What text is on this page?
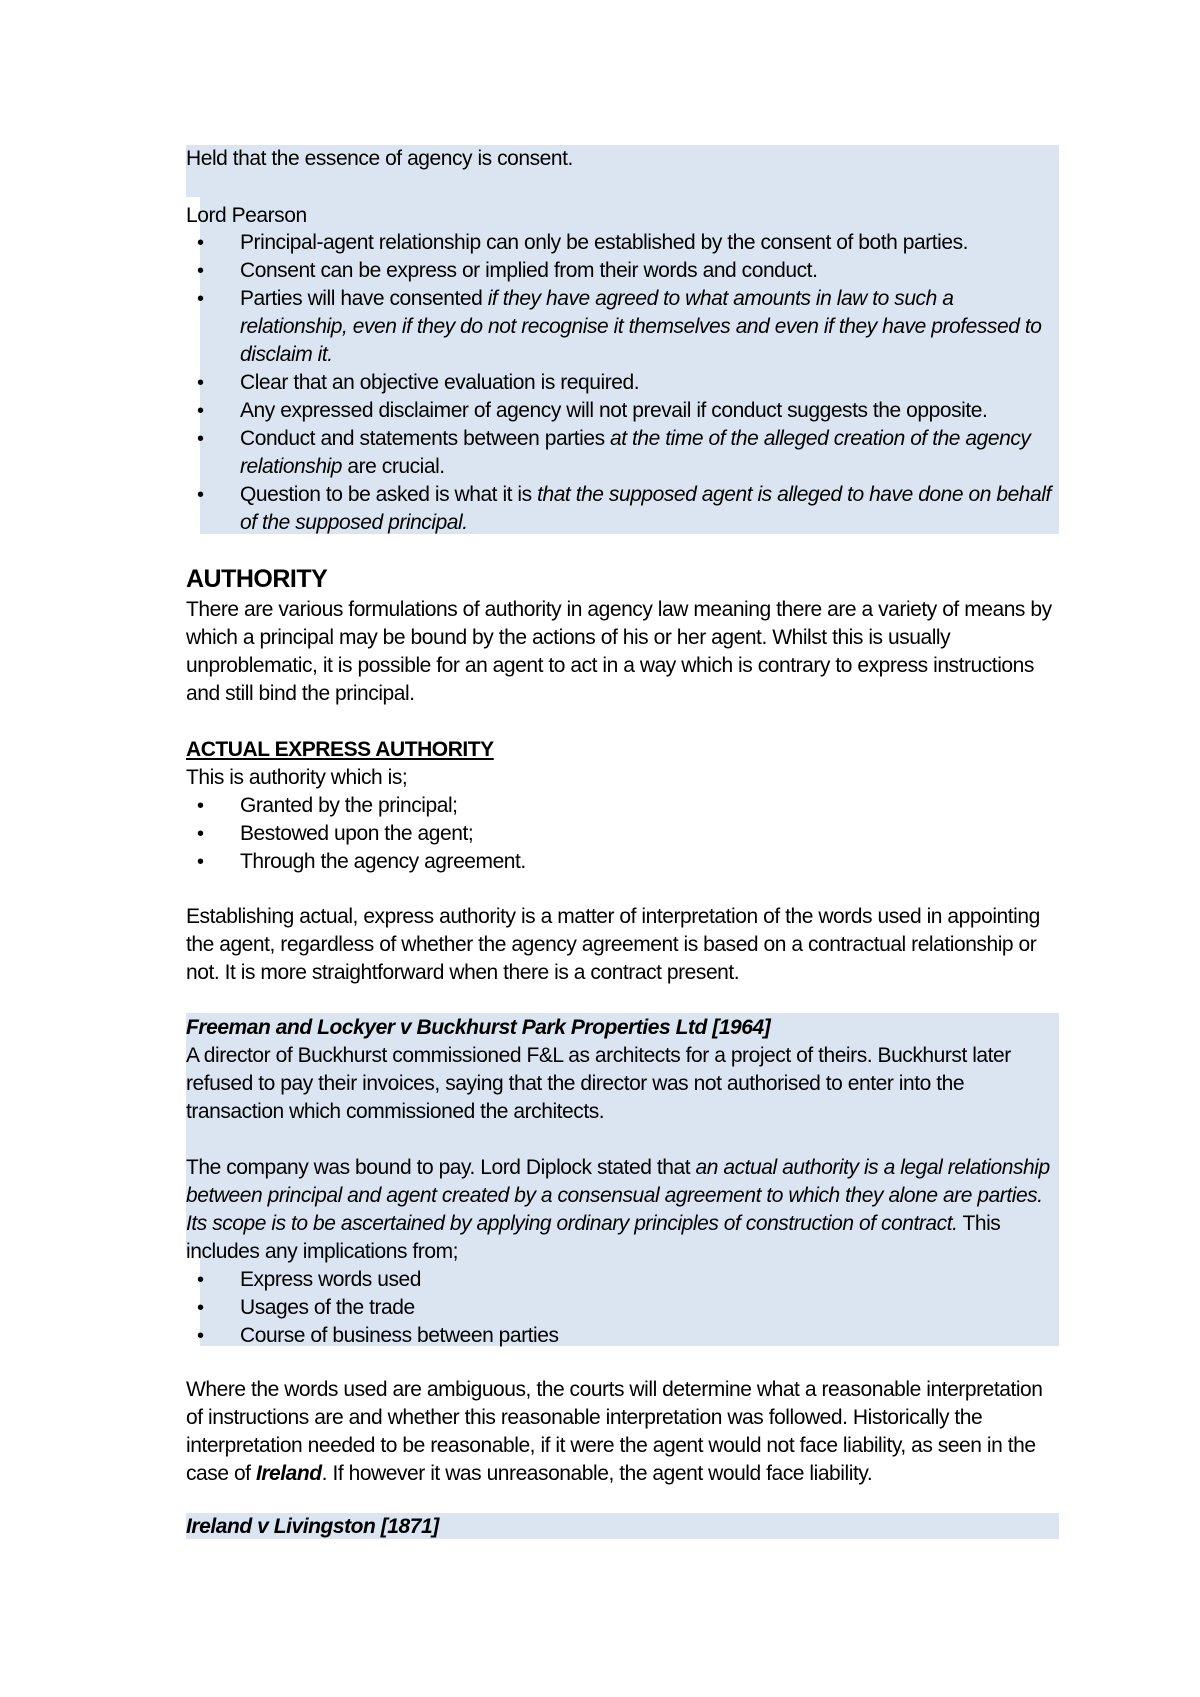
Held that the essence of agency is consent.
Lord Pearson
• Principal-agent relationship can only be established by the consent of both parties.
• Consent can be express or implied from their words and conduct.
• Parties will have consented if they have agreed to what amounts in law to such a
relationship, even if they do not recognise it themselves and even if they have professed to
disclaim it.
• Clear that an objective evaluation is required.
• Any expressed disclaimer of agency will not prevail if conduct suggests the opposite.
• Conduct and statements between parties at the time of the alleged creation of the agency
relationship are crucial.
• Question to be asked is what it is that the supposed agent is alleged to have done on behalf
of the supposed principal.
AUTHORITY
There are various formulations of authority in agency law meaning there are a variety of means by
which a principal may be bound by the actions of his or her agent. Whilst this is usually
unproblematic, it is possible for an agent to act in a way which is contrary to express instructions
and still bind the principal.
ACTUAL EXPRESS AUTHORITY
This is authority which is;
• Granted by the principal;
• Bestowed upon the agent;
• Through the agency agreement.
Establishing actual, express authority is a matter of interpretation of the words used in appointing
the agent, regardless of whether the agency agreement is based on a contractual relationship or
not. It is more straightforward when there is a contract present.
Freeman and Lockyer v Buckhurst Park Properties Ltd [1964]
A director of Buckhurst commissioned F&L as architects for a project of theirs. Buckhurst later
refused to pay their invoices, saying that the director was not authorised to enter into the
transaction which commissioned the architects.
The company was bound to pay. Lord Diplock stated that an actual authority is a legal relationship
between principal and agent created by a consensual agreement to which they alone are parties.
Its scope is to be ascertained by applying ordinary principles of construction of contract. This
includes any implications from;
• Express words used
• Usages of the trade
• Course of business between parties
Where the words used are ambiguous, the courts will determine what a reasonable interpretation
of instructions are and whether this reasonable interpretation was followed. Historically the
interpretation needed to be reasonable, if it were the agent would not face liability, as seen in the
case of Ireland. If however it was unreasonable, the agent would face liability.
Ireland v Livingston [1871]
